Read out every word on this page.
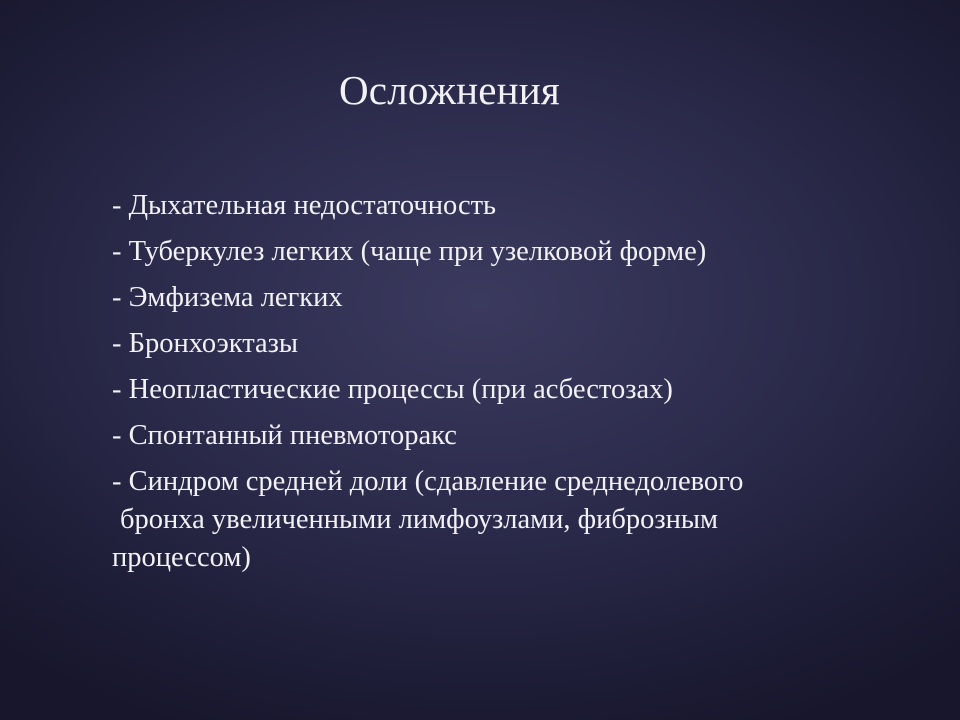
Осложнения
- Дыхательная недостаточность
- Туберкулез легких (чаще при узелковой форме)
- Эмфизема легких
- Бронхоэктазы
- Неопластические процессы (при асбестозах)
- Спонтанный пневмоторакс
- Синдром средней доли (сдавление среднедолевого
бронха увеличенными лимфоузлами, фиброзным
процессом)
